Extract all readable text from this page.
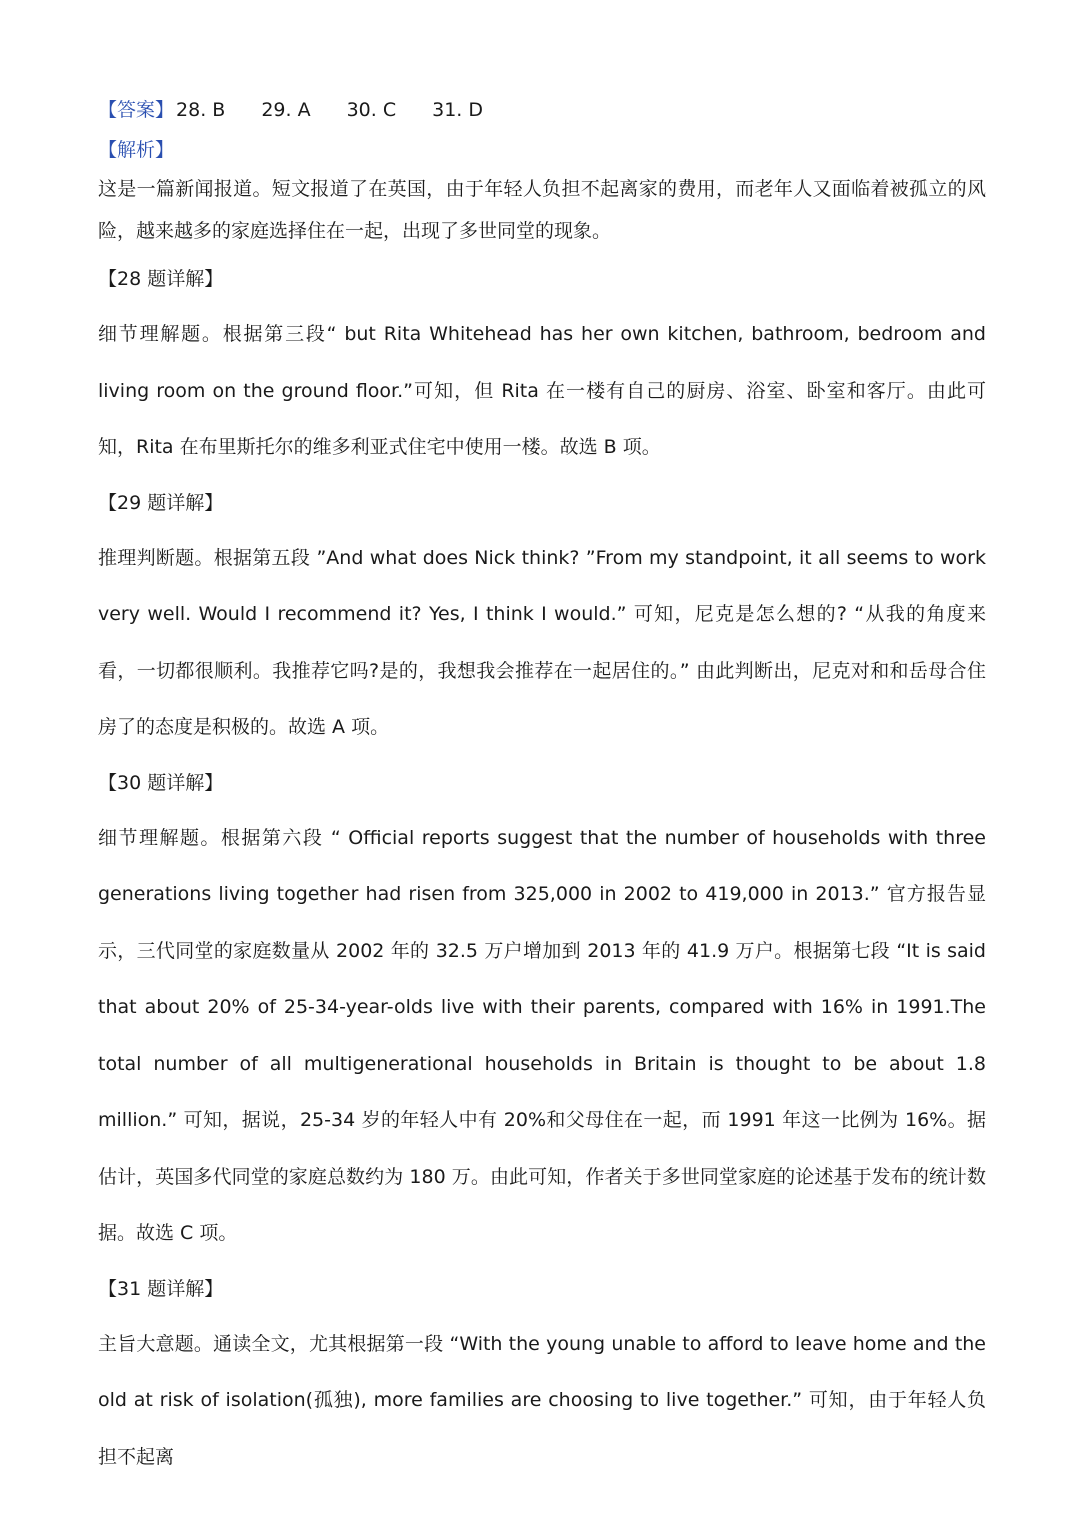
【答案】 28. B 29. A 30. C 31. D
【解析】
这是一篇新闻报道。短文报道了在英国，由于年轻人负担不起离家的费用，而老年人又面临着被孤立的风险，越来越多的家庭选择住在一起，出现了多世同堂的现象。
【28 题详解】

细节理解题。根据第三段“ but Rita Whitehead has her own kitchen, bathroom, bedroom and living room on the ground floor.”可知，但 Rita 在一楼有自己的厨房、浴室、卧室和客厅。由此可知，Rita 在布里斯托尔的维多利亚式住宅中使用一楼。故选 B 项。

【29 题详解】

推理判断题。根据第五段 ”And what does Nick think? ”From my standpoint, it all seems to work very well. Would I recommend it? Yes, I think I would.” 可知，尼克是怎么想的? “从我的角度来看，一切都很顺利。我推荐它吗?是的，我想我会推荐在一起居住的。” 由此判断出，尼克对和和岳母合住房了的态度是积极的。故选 A 项。

【30 题详解】

细节理解题。根据第六段 “ Official reports suggest that the number of households with three generations living together had risen from 325,000 in 2002 to 419,000 in 2013.” 官方报告显示，三代同堂的家庭数量从 2002 年的 32.5 万户增加到 2013 年的 41.9 万户。根据第七段 “It is said that about 20% of 25-34-year-olds live with their parents, compared with 16% in 1991.The total number of all multigenerational households in Britain is thought to be about 1.8 million.” 可知，据说，25-34 岁的年轻人中有 20%和父母住在一起，而 1991 年这一比例为 16%。据估计，英国多代同堂的家庭总数约为 180 万。由此可知，作者关于多世同堂家庭的论述基于发布的统计数据。故选 C 项。

【31 题详解】

主旨大意题。通读全文，尤其根据第一段 “With the young unable to afford to leave home and the old at risk of isolation(孤独), more families are choosing to live together.” 可知，由于年轻人负担不起离
